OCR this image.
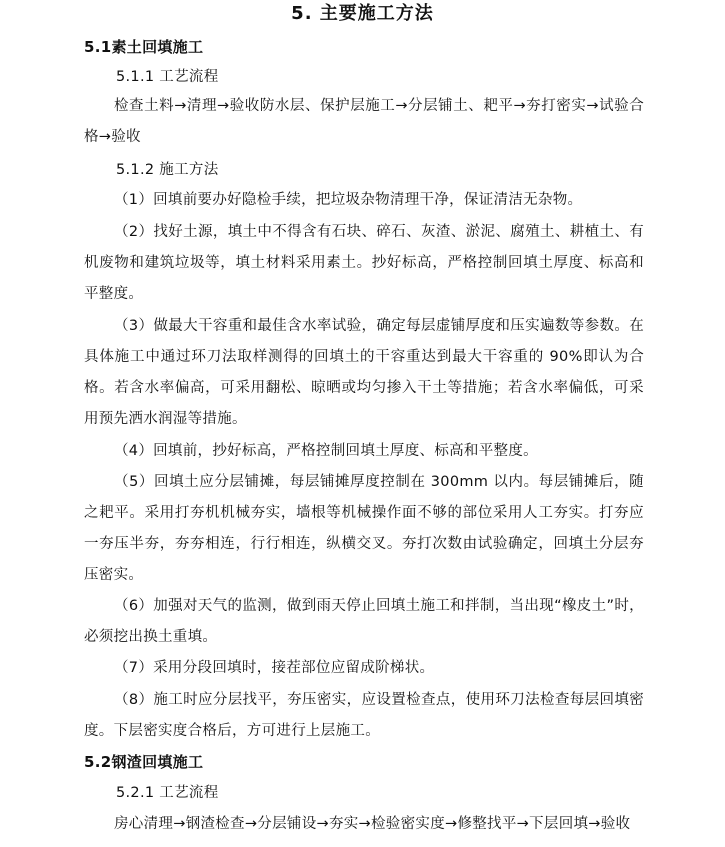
5. 主要施工方法
5.1素土回填施工
5.1.1 工艺流程
检查土料→清理→验收防水层、保护层施工→分层铺土、耙平→夯打密实→试验合格→验收
5.1.2 施工方法
（1）回填前要办好隐检手续，把垃圾杂物清理干净，保证清洁无杂物。
（2）找好土源，填土中不得含有石块、碎石、灰渣、淤泥、腐殖土、耕植土、有机废物和建筑垃圾等，填土材料采用素土。抄好标高，严格控制回填土厚度、标高和平整度。
（3）做最大干容重和最佳含水率试验，确定每层虚铺厚度和压实遍数等参数。在具体施工中通过环刀法取样测得的回填土的干容重达到最大干容重的 90%即认为合格。若含水率偏高，可采用翻松、晾晒或均匀掺入干土等措施；若含水率偏低，可采用预先洒水润湿等措施。
（4）回填前，抄好标高，严格控制回填土厚度、标高和平整度。
（5）回填土应分层铺摊，每层铺摊厚度控制在 300mm 以内。每层铺摊后，随之耙平。采用打夯机机械夯实，墙根等机械操作面不够的部位采用人工夯实。打夯应一夯压半夯，夯夯相连，行行相连，纵横交叉。夯打次数由试验确定，回填土分层夯压密实。
（6）加强对天气的监测，做到雨天停止回填土施工和拌制，当出现“橡皮土”时，必须挖出换土重填。
（7）采用分段回填时，接茬部位应留成阶梯状。
（8）施工时应分层找平，夯压密实，应设置检查点，使用环刀法检查每层回填密度。下层密实度合格后，方可进行上层施工。
5.2钢渣回填施工
5.2.1 工艺流程
房心清理→钢渣检查→分层铺设→夯实→检验密实度→修整找平→下层回填→验收
